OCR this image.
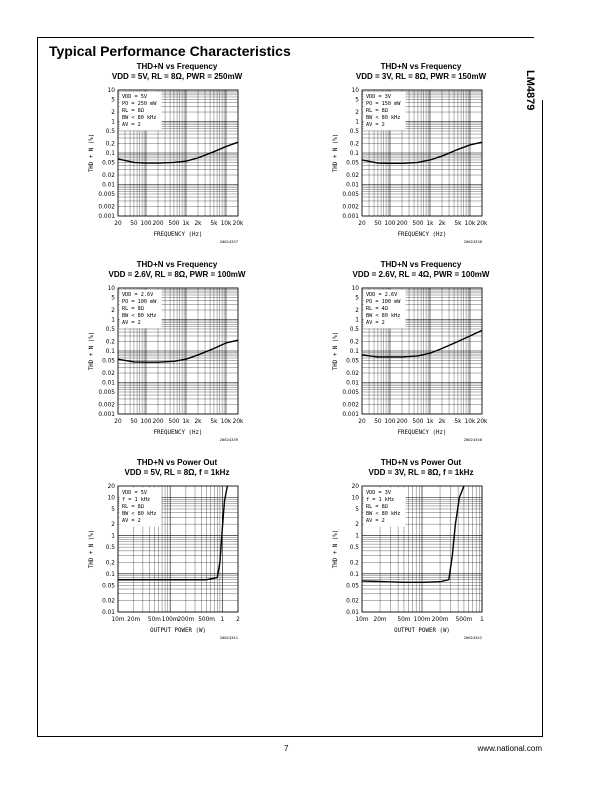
Typical Performance Characteristics
LM4879
7	www.national.com
THD+N vs Frequency
VDD = 5V, RL = 8Ω, PWR = 250mW
VDD = 5V
PO = 250 mW
RL = 8Ω
BW < 80 kHz
AV = 2
10
5
2
1
0.5
0.2
0.1
0.05
0.02
0.01
0.005
0.002
0.001
20 50 100 200 500 1k 2k 5k 10k 20k
FREQUENCY (Hz)
THD + N (%)
20024337
THD+N vs Frequency
VDD = 3V, RL = 8Ω, PWR = 150mW
VDD = 3V
PO = 150 mW
RL = 8Ω
BW < 80 kHz
AV = 2
10
5
2
1
0.5
0.2
0.1
0.05
0.02
0.01
0.005
0.002
0.001
20 50 100 200 500 1k 2k 5k 10k 20k
FREQUENCY (Hz)
THD + N (%)
20024338
THD+N vs Frequency
VDD = 2.6V, RL = 8Ω, PWR = 100mW
VDD = 2.6V
PO = 100 mW
RL = 8Ω
BW < 80 kHz
AV = 2
10
5
2
1
0.5
0.2
0.1
0.05
0.02
0.01
0.005
0.002
0.001
20 50 100 200 500 1k 2k 5k 10k 20k
FREQUENCY (Hz)
THD + N (%)
20024339
THD+N vs Frequency
VDD = 2.6V, RL = 4Ω, PWR = 100mW
VDD = 2.6V
PO = 100 mW
RL = 4Ω
BW < 80 kHz
AV = 2
10
5
2
1
0.5
0.2
0.1
0.05
0.02
0.01
0.005
0.002
0.001
20 50 100 200 500 1k 2k 5k 10k 20k
FREQUENCY (Hz)
THD + N (%)
20024340
THD+N vs Power Out
VDD = 5V, RL = 8Ω, f = 1kHz
VDD = 5V
f = 1 kHz
RL = 8Ω
BW < 80 kHz
AV = 2
20
10
5
2
1
0.5
0.2
0.1
0.05
0.02
0.01
10m 20m 50m 100m
200m 500m 1 2
OUTPUT POWER (W)
THD + N (%)
20024341
THD+N vs Power Out
VDD = 3V, RL = 8Ω, f = 1kHz
VDD = 3V
f = 1 kHz
RL = 8Ω
BW < 80 kHz
AV = 2
20
10
5
2
1
0.5
0.2
0.1
0.05
0.02
0.01
10m 20m 50m 100m 200m 500m 1
OUTPUT POWER (W)
THD + N (%)
20024342
